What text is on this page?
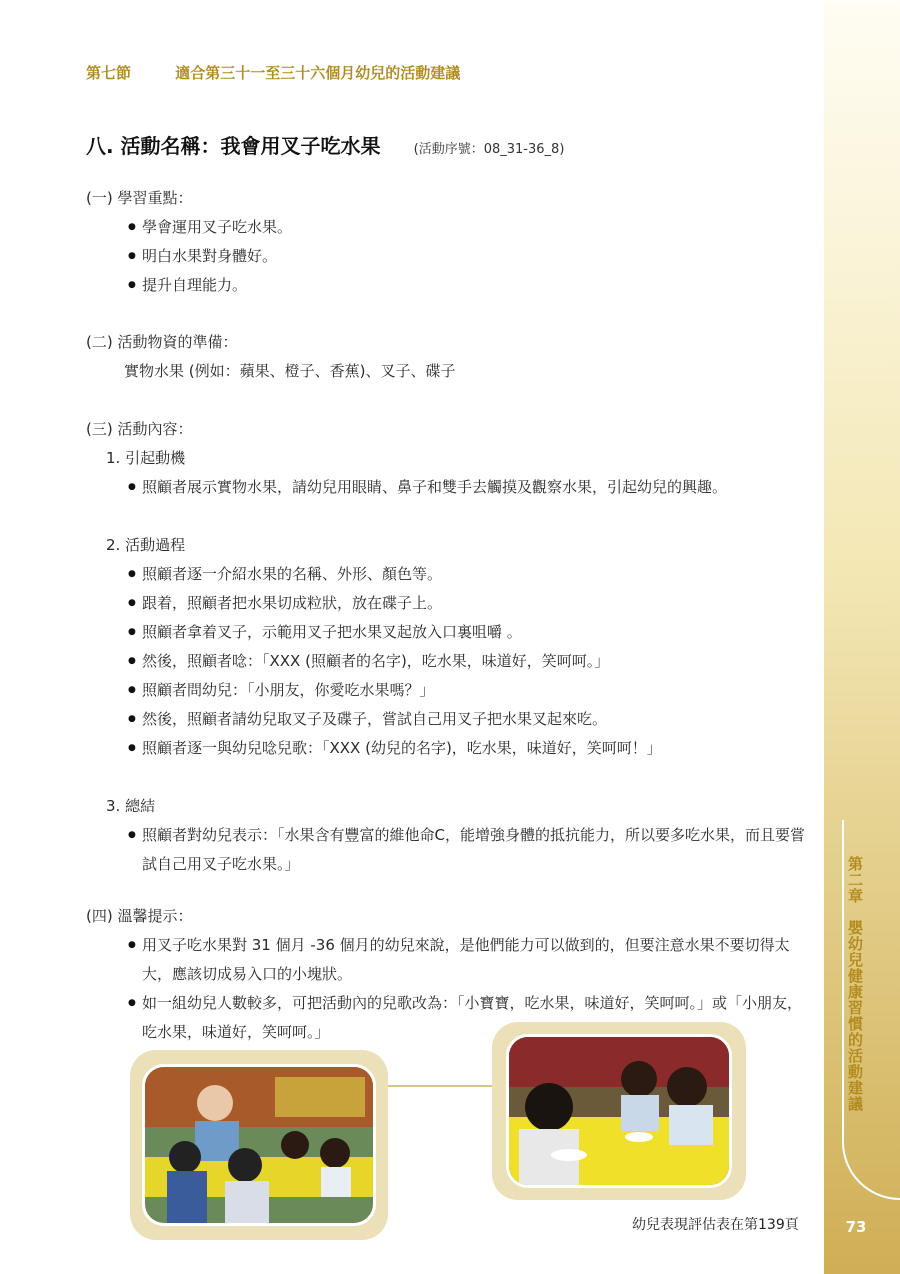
第七節	適合第三十一至三十六個月幼兒的活動建議
八. 活動名稱：我會用叉子吃水果	(活動序號：08_31-36_8)
(一) 學習重點：
● 學會運用叉子吃水果。
● 明白水果對身體好。
● 提升自理能力。
(二) 活動物資的準備：
實物水果 (例如：蘋果、橙子、香蕉)、叉子、碟子
(三) 活動內容：
1. 引起動機
● 照顧者展示實物水果，請幼兒用眼睛、鼻子和雙手去觸摸及觀察水果，引起幼兒的興趣。
2. 活動過程
● 照顧者逐一介紹水果的名稱、外形、顏色等。
● 跟着，照顧者把水果切成粒狀，放在碟子上。
● 照顧者拿着叉子，示範用叉子把水果叉起放入口裏咀嚼 。
● 然後，照顧者唸：「XXX (照顧者的名字)，吃水果，味道好，笑呵呵。」
● 照顧者問幼兒：「小朋友，你愛吃水果嗎？」
● 然後，照顧者請幼兒取叉子及碟子，嘗試自己用叉子把水果叉起來吃。
● 照顧者逐一與幼兒唸兒歌：「XXX (幼兒的名字)，吃水果，味道好，笑呵呵！」
3. 總結
● 照顧者對幼兒表示：「水果含有豐富的維他命C，能增強身體的抵抗能力，所以要多吃水果，而且要嘗試自己用叉子吃水果。」
(四) 溫馨提示：
● 用叉子吃水果對 31 個月 -36 個月的幼兒來說，是他們能力可以做到的，但要注意水果不要切得太大，應該切成易入口的小塊狀。
● 如一組幼兒人數較多，可把活動內的兒歌改為：「小寶寶，吃水果，味道好，笑呵呵。」或「小朋友，吃水果，味道好，笑呵呵。」
幼兒表現評估表在第139頁
第二章　嬰幼兒健康習慣的活動建議
73
